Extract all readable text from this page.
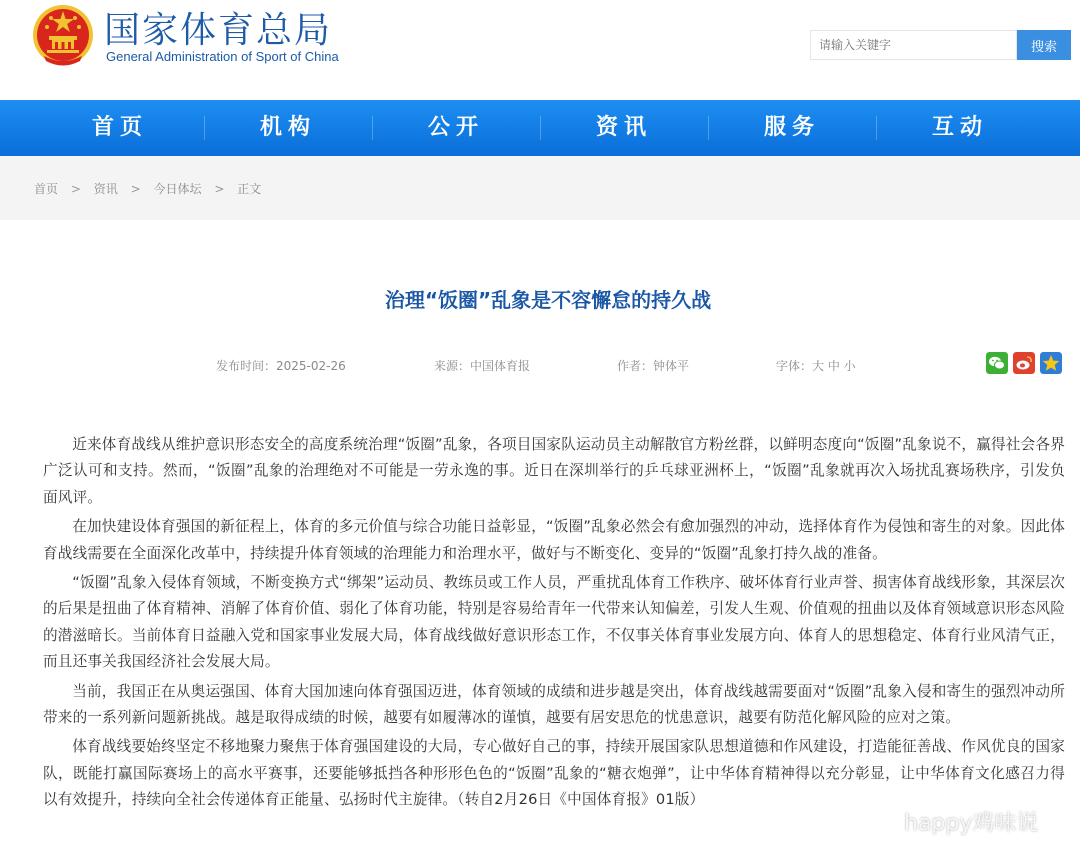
国家体育总局
General Administration of Sport of China
请输入关键字
搜索
首页	机构	公开	资讯	服务	互动
首页 > 资讯 > 今日体坛 > 正文
治理“饭圈”乱象是不容懈怠的持久战
发布时间：2025-02-26	来源：中国体育报	作者：钟体平	字体：大 中 小

近来体育战线从维护意识形态安全的高度系统治理“饭圈”乱象，各项目国家队运动员主动解散官方粉丝群，以鲜明态度向“饭圈”乱象说不，赢得社会各界广泛认可和支持。然而，“饭圈”乱象的治理绝对不可能是一劳永逸的事。近日在深圳举行的乒乓球亚洲杯上，“饭圈”乱象就再次入场扰乱赛场秩序，引发负面风评。

在加快建设体育强国的新征程上，体育的多元价值与综合功能日益彰显，“饭圈”乱象必然会有愈加强烈的冲动，选择体育作为侵蚀和寄生的对象。因此体育战线需要在全面深化改革中，持续提升体育领域的治理能力和治理水平，做好与不断变化、变异的“饭圈”乱象打持久战的准备。

“饭圈”乱象入侵体育领域，不断变换方式“绑架”运动员、教练员或工作人员，严重扰乱体育工作秩序、破坏体育行业声誉、损害体育战线形象，其深层次的后果是扭曲了体育精神、消解了体育价值、弱化了体育功能，特别是容易给青年一代带来认知偏差，引发人生观、价值观的扭曲以及体育领域意识形态风险的潜滋暗长。当前体育日益融入党和国家事业发展大局，体育战线做好意识形态工作，不仅事关体育事业发展方向、体育人的思想稳定、体育行业风清气正，而且还事关我国经济社会发展大局。

当前，我国正在从奥运强国、体育大国加速向体育强国迈进，体育领域的成绩和进步越是突出，体育战线越需要面对“饭圈”乱象入侵和寄生的强烈冲动所带来的一系列新问题新挑战。越是取得成绩的时候，越要有如履薄冰的谨慎，越要有居安思危的忧患意识，越要有防范化解风险的应对之策。

体育战线要始终坚定不移地聚力聚焦于体育强国建设的大局，专心做好自己的事，持续开展国家队思想道德和作风建设，打造能征善战、作风优良的国家队，既能打赢国际赛场上的高水平赛事，还要能够抵挡各种形形色色的“饭圈”乱象的“糖衣炮弹”，让中华体育精神得以充分彰显，让中华体育文化感召力得以有效提升，持续向全社会传递体育正能量、弘扬时代主旋律。（转自2月26日《中国体育报》01版）

happy鸡味说
